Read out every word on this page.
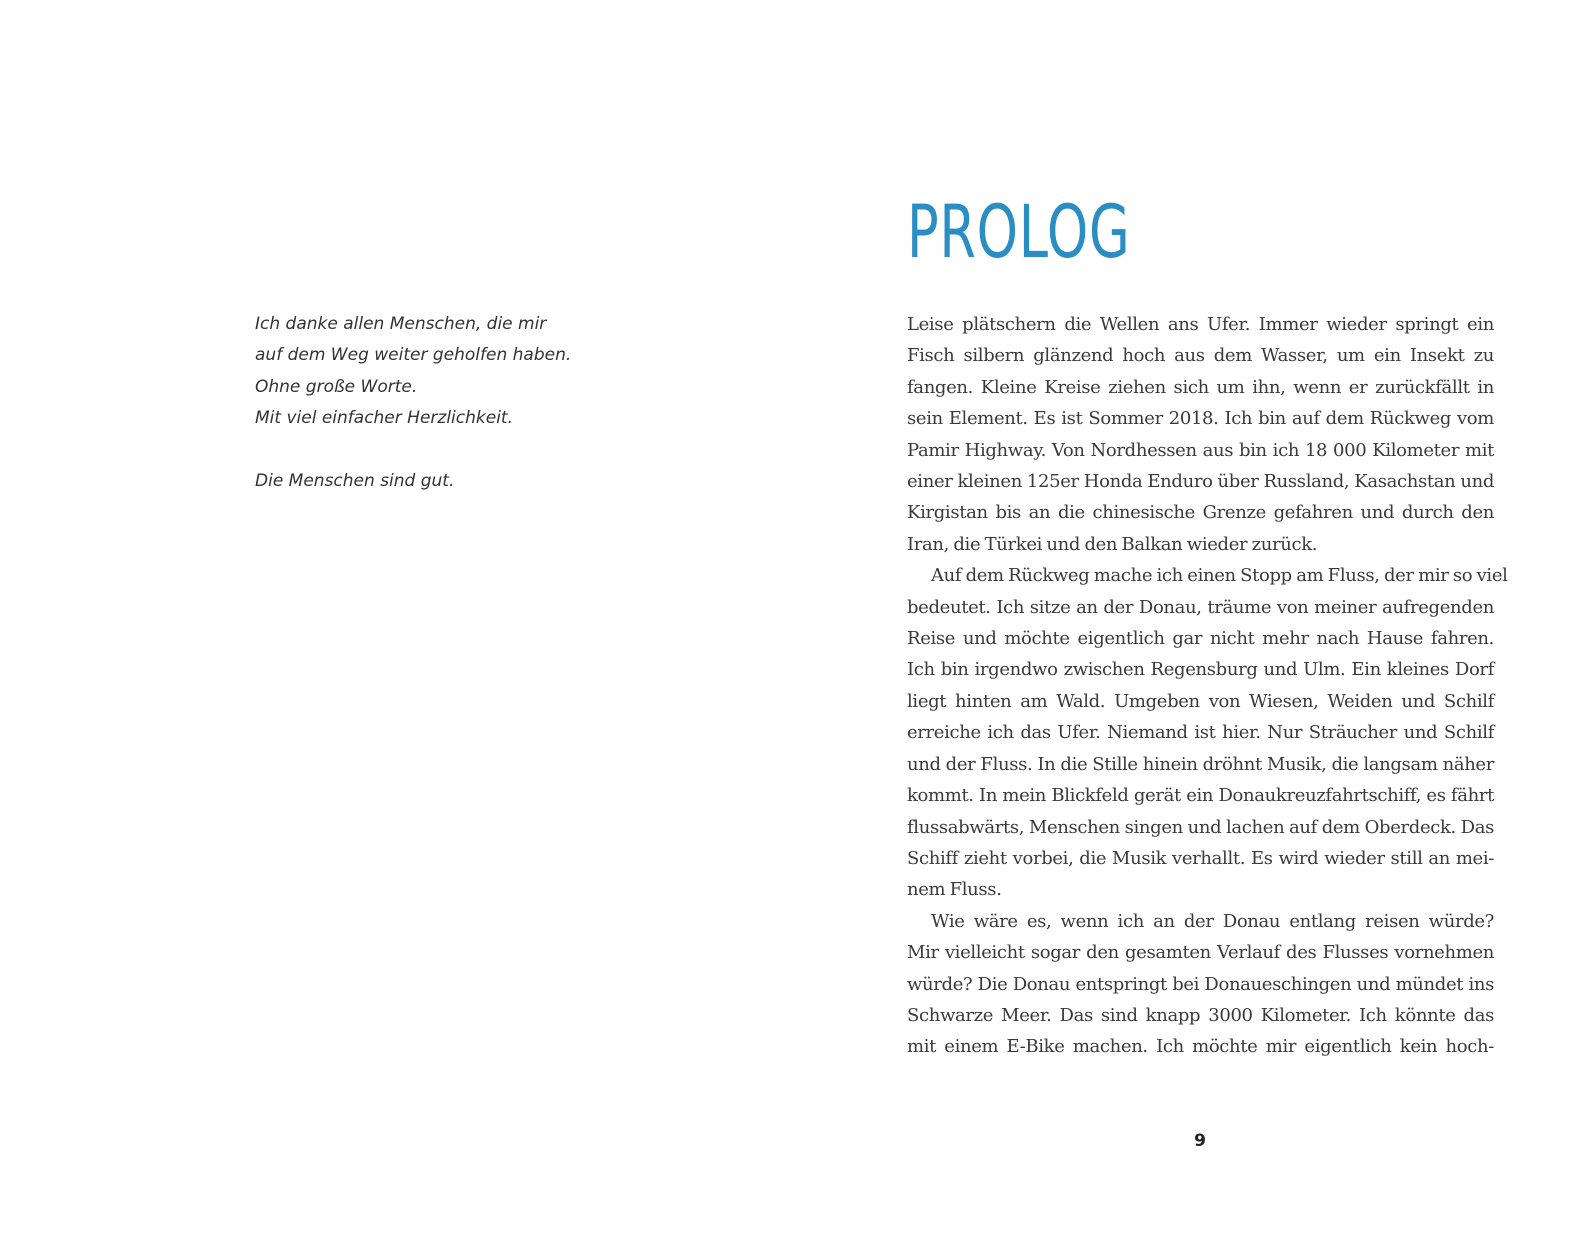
Ich danke allen Menschen, die mir
auf dem Weg weiter geholfen haben.
Ohne große Worte.
Mit viel einfacher Herzlichkeit.
Die Menschen sind gut.
PROLOG
Leise plätschern die Wellen ans Ufer. Immer wieder springt ein
Fisch silbern glänzend hoch aus dem Wasser, um ein Insekt zu
fangen. Kleine Kreise ziehen sich um ihn, wenn er zurückfällt in
sein Element. Es ist Sommer 2018. Ich bin auf dem Rückweg vom
Pamir Highway. Von Nordhessen aus bin ich 18 000 Kilometer mit
einer kleinen 125er Honda Enduro über Russland, Kasachstan und
Kirgistan bis an die chinesische Grenze gefahren und durch den
Iran, die Türkei und den Balkan wieder zurück.
Auf dem Rückweg mache ich einen Stopp am Fluss, der mir so viel
bedeutet. Ich sitze an der Donau, träume von meiner aufregenden
Reise und möchte eigentlich gar nicht mehr nach Hause fahren.
Ich bin irgendwo zwischen Regensburg und Ulm. Ein kleines Dorf
liegt hinten am Wald. Umgeben von Wiesen, Weiden und Schilf
erreiche ich das Ufer. Niemand ist hier. Nur Sträucher und Schilf
und der Fluss. In die Stille hinein dröhnt Musik, die langsam näher
kommt. In mein Blickfeld gerät ein Donaukreuzfahrtschiff, es fährt
flussabwärts, Menschen singen und lachen auf dem Oberdeck. Das
Schiff zieht vorbei, die Musik verhallt. Es wird wieder still an mei-
nem Fluss.
Wie wäre es, wenn ich an der Donau entlang reisen würde?
Mir vielleicht sogar den gesamten Verlauf des Flusses vornehmen
würde? Die Donau entspringt bei Donaueschingen und mündet ins
Schwarze Meer. Das sind knapp 3000 Kilometer. Ich könnte das
mit einem E-Bike machen. Ich möchte mir eigentlich kein hoch-
9
